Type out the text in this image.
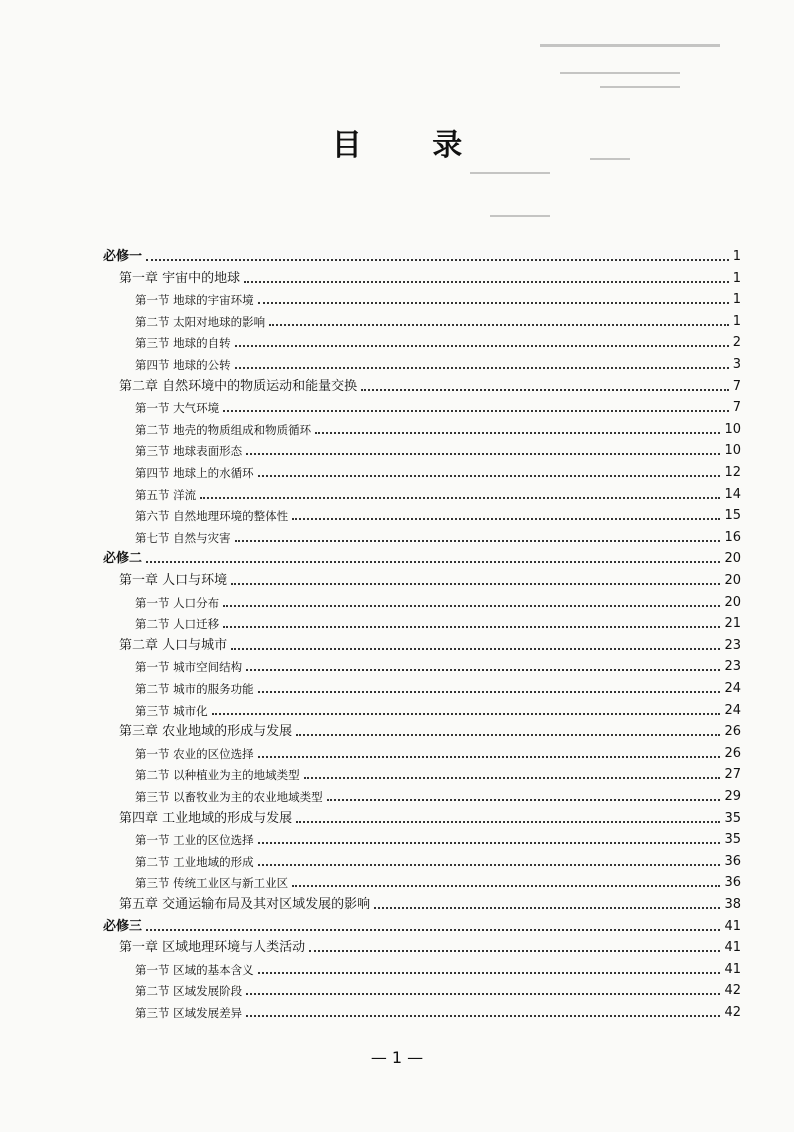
目 录
必修一	1
第一章 宇宙中的地球	1
第一节 地球的宇宙环境	1
第二节 太阳对地球的影响	1
第三节 地球的自转	2
第四节 地球的公转	3
第二章 自然环境中的物质运动和能量交换	7
第一节 大气环境	7
第二节 地壳的物质组成和物质循环	10
第三节 地球表面形态	10
第四节 地球上的水循环	12
第五节 洋流	14
第六节 自然地理环境的整体性	15
第七节 自然与灾害	16
必修二	20
第一章 人口与环境	20
第一节 人口分布	20
第二节 人口迁移	21
第二章 人口与城市	23
第一节 城市空间结构	23
第二节 城市的服务功能	24
第三节 城市化	24
第三章 农业地域的形成与发展	26
第一节 农业的区位选择	26
第二节 以种植业为主的地域类型	27
第三节 以畜牧业为主的农业地域类型	29
第四章 工业地域的形成与发展	35
第一节 工业的区位选择	35
第二节 工业地域的形成	36
第三节 传统工业区与新工业区	36
第五章 交通运输布局及其对区域发展的影响	38
必修三	41
第一章 区域地理环境与人类活动	41
第一节 区域的基本含义	41
第二节 区域发展阶段	42
第三节 区域发展差异	42
— 1 —
